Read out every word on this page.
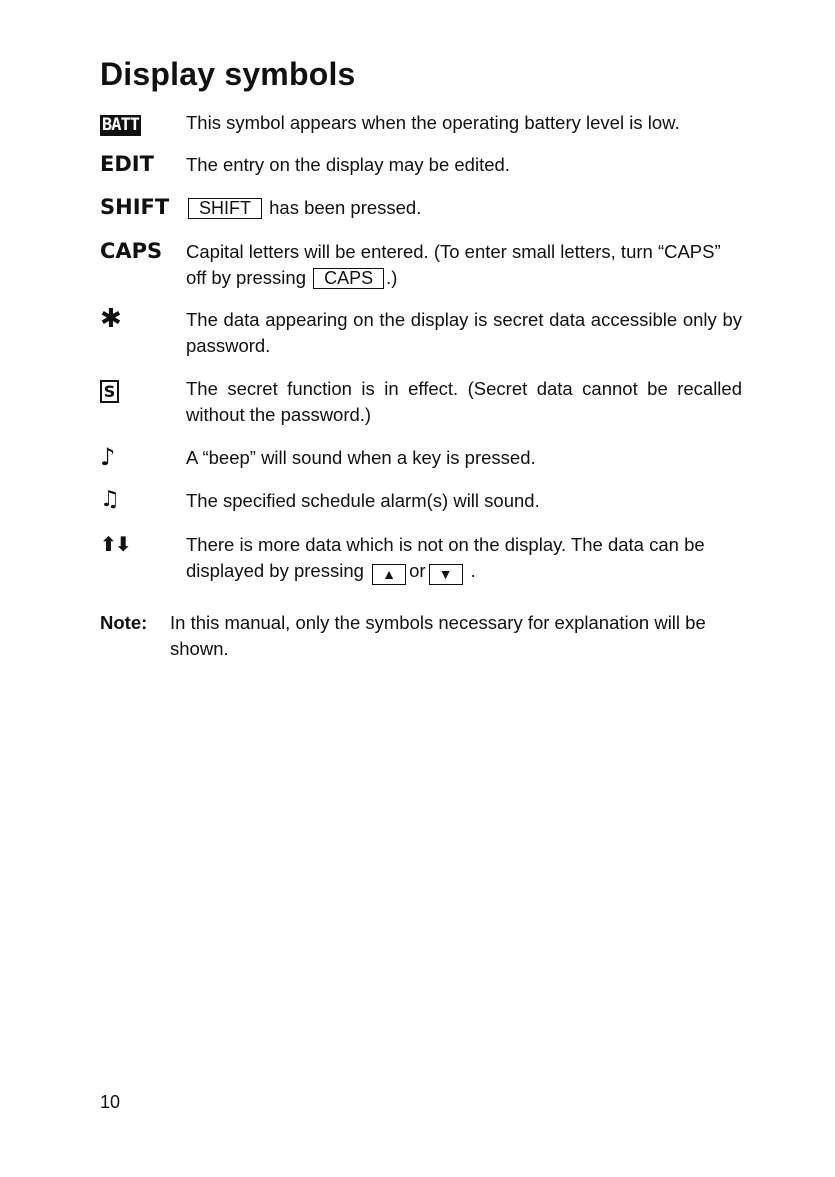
Display symbols
BATT	This symbol appears when the operating battery level is low.
EDIT The entry on the display may be edited.
SHIFT	SHIFT has been pressed.
CAPS Capital letters will be entered. (To enter small letters, turn “CAPS” off by pressing CAPS .)
✱	The data appearing on the display is secret data accessible only by password.
S	The secret function is in effect. (Secret data cannot be recalled without the password.)
♪	A “beep” will sound when a key is pressed.
♫	The specified schedule alarm(s) will sound.
⬆⬇	There is more data which is not on the display. The data can be displayed by pressing ▲ or ▼ .
Note: In this manual, only the symbols necessary for explanation will be shown.
10
